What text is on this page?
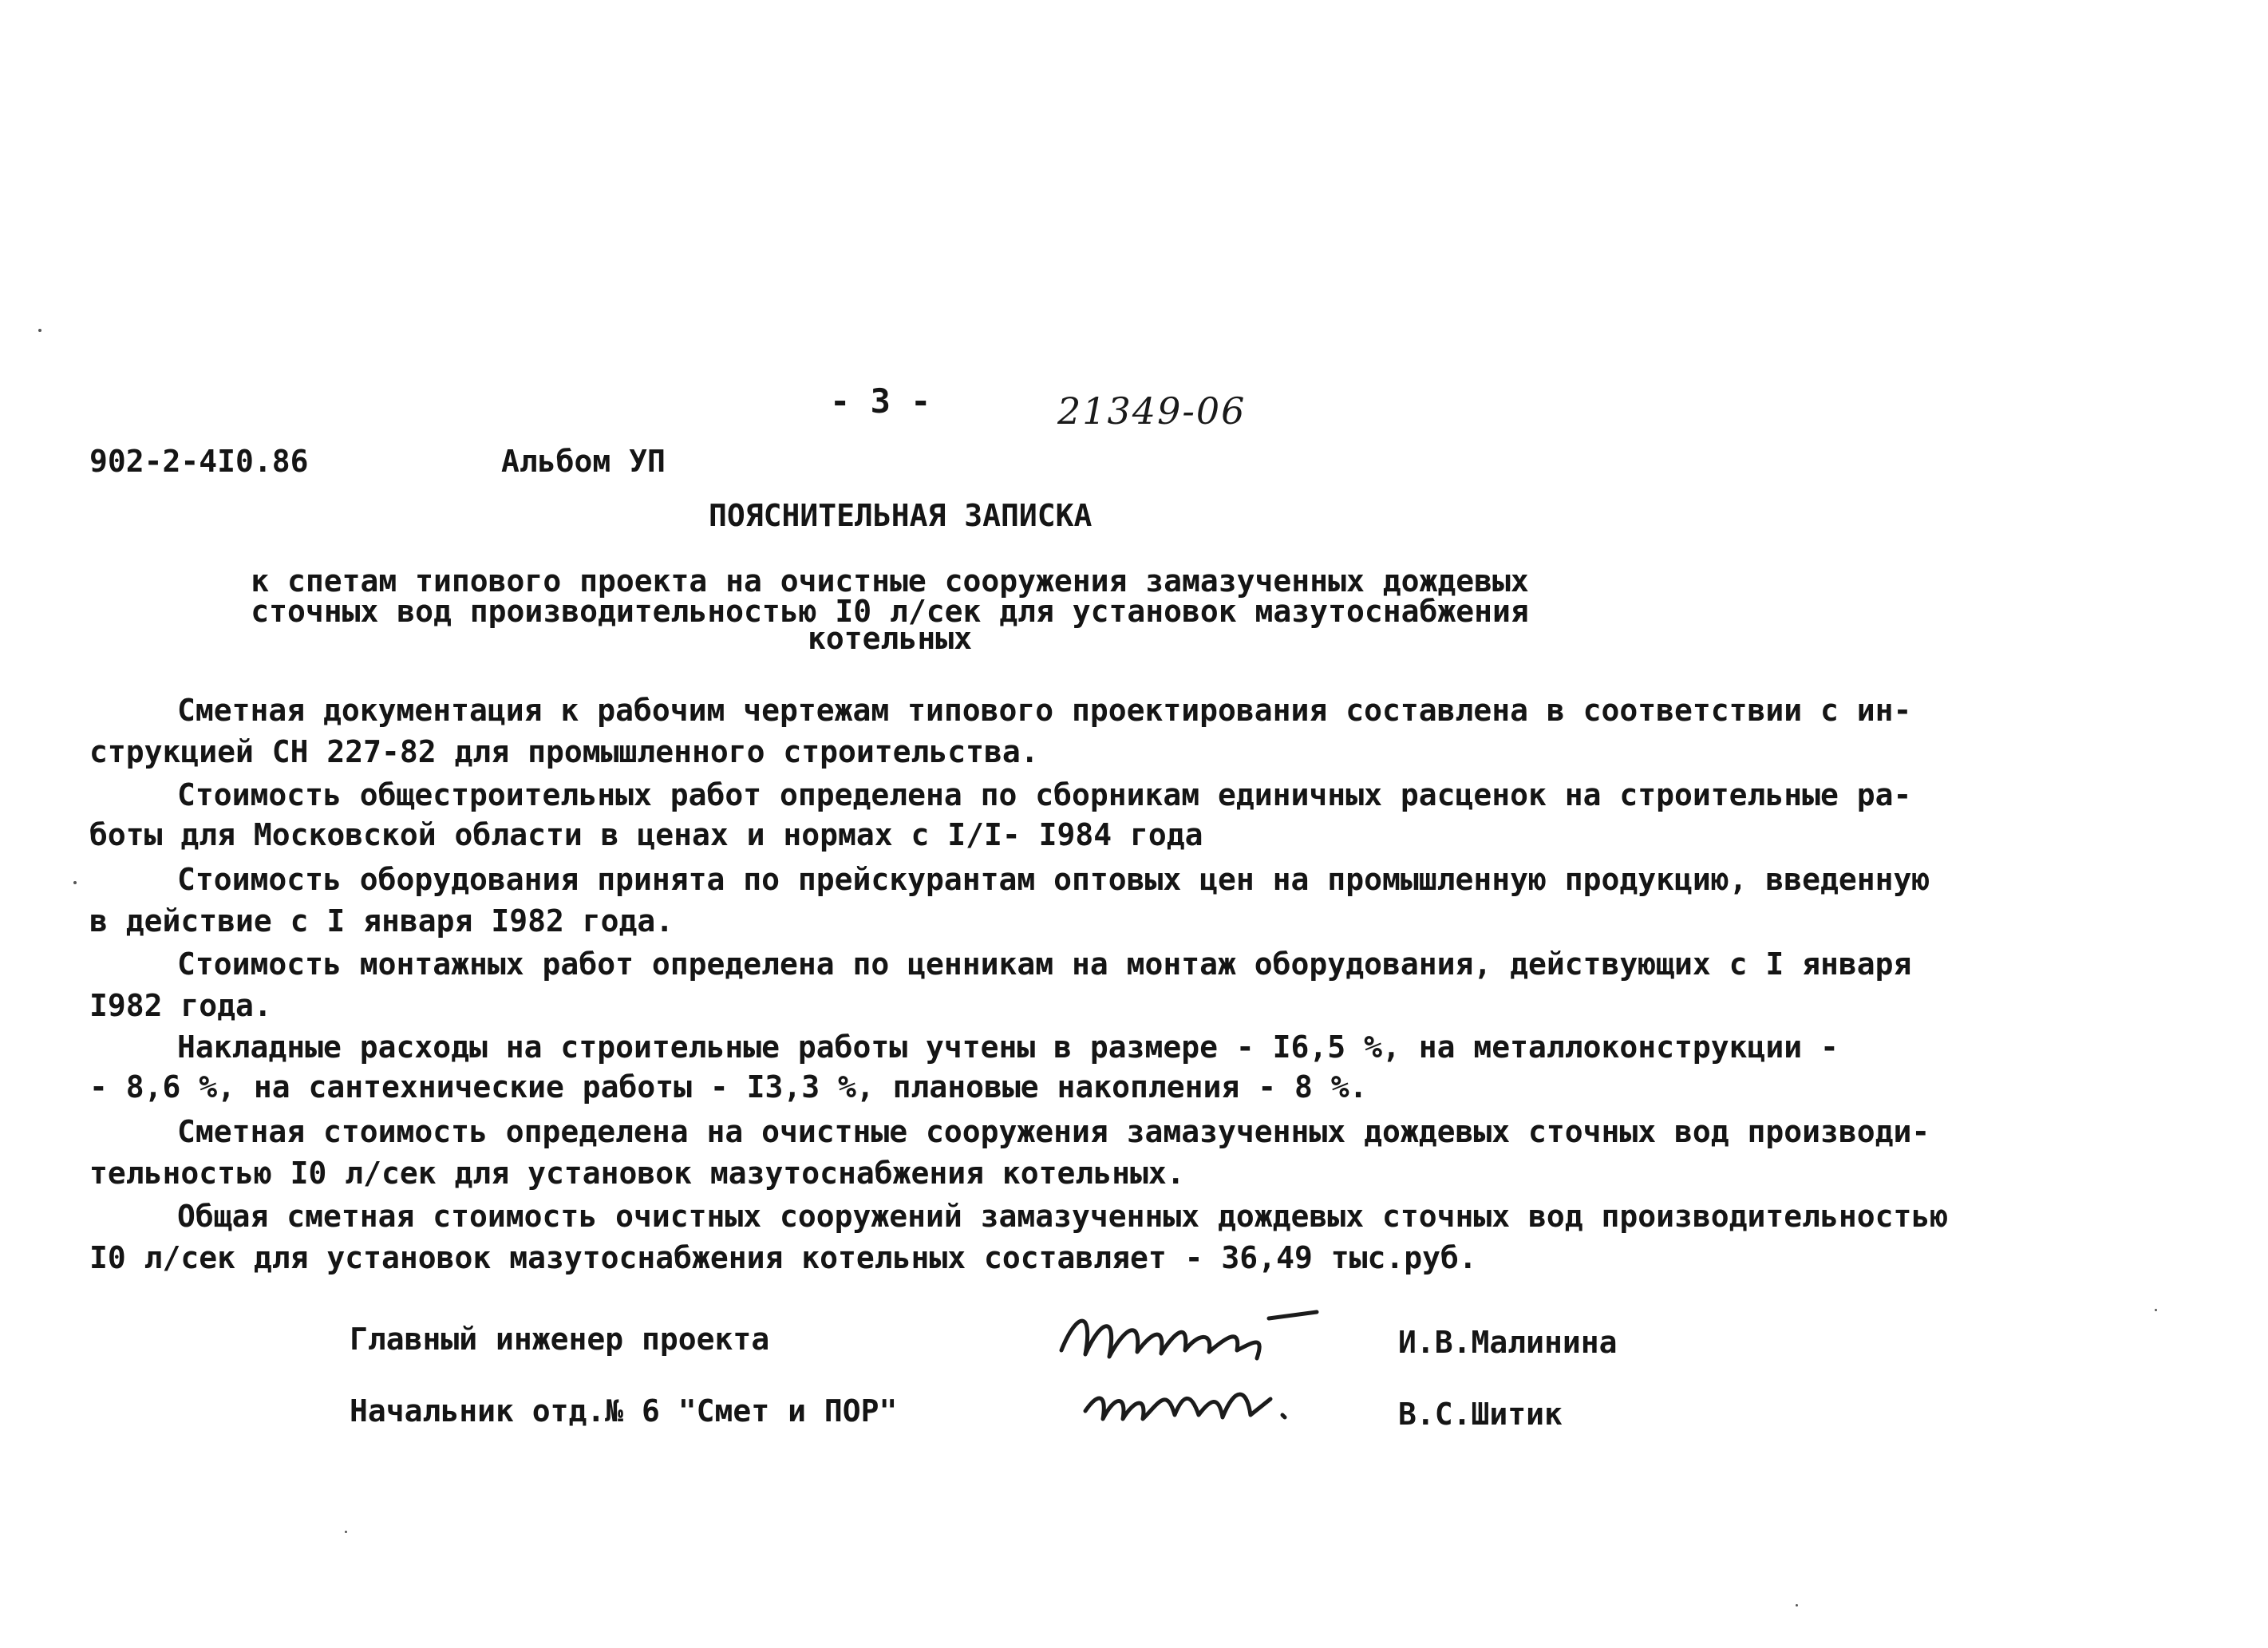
- 3 -	21349-06
902-2-4I0.86	Альбом УП
ПОЯСНИТЕЛЬНАЯ ЗАПИСКА
к спетам типового проекта на очистные сооружения замазученных дождевых
сточных вод производительностью I0 л/сек для установок мазутоснабжения
котельных
Сметная документация к рабочим чертежам типового проектирования составлена в соответствии с ин-
струкцией СН 227-82 для промышленного строительства.
Стоимость общестроительных работ определена по сборникам единичных расценок на строительные ра-
боты для Московской области в ценах и нормах с I/I- I984 года
Стоимость оборудования принята по прейскурантам оптовых цен на промышленную продукцию, введенную
в действие с I января I982 года.
Стоимость монтажных работ определена по ценникам на монтаж оборудования, действующих с I января
I982 года.
Накладные расходы на строительные работы учтены в размере - I6,5 %, на металлоконструкции -
- 8,6 %, на сантехнические работы - I3,3 %, плановые накопления - 8 %.
Сметная стоимость определена на очистные сооружения замазученных дождевых сточных вод производи-
тельностью I0 л/сек для установок мазутоснабжения котельных.
Общая сметная стоимость очистных сооружений замазученных дождевых сточных вод производительностью
I0 л/сек для установок мазутоснабжения котельных составляет - 36,49 тыс.руб.
Главный инженер проекта	И.В.Малинина
Начальник отд.№ 6 "Смет и ПОР"	В.С.Шитик
